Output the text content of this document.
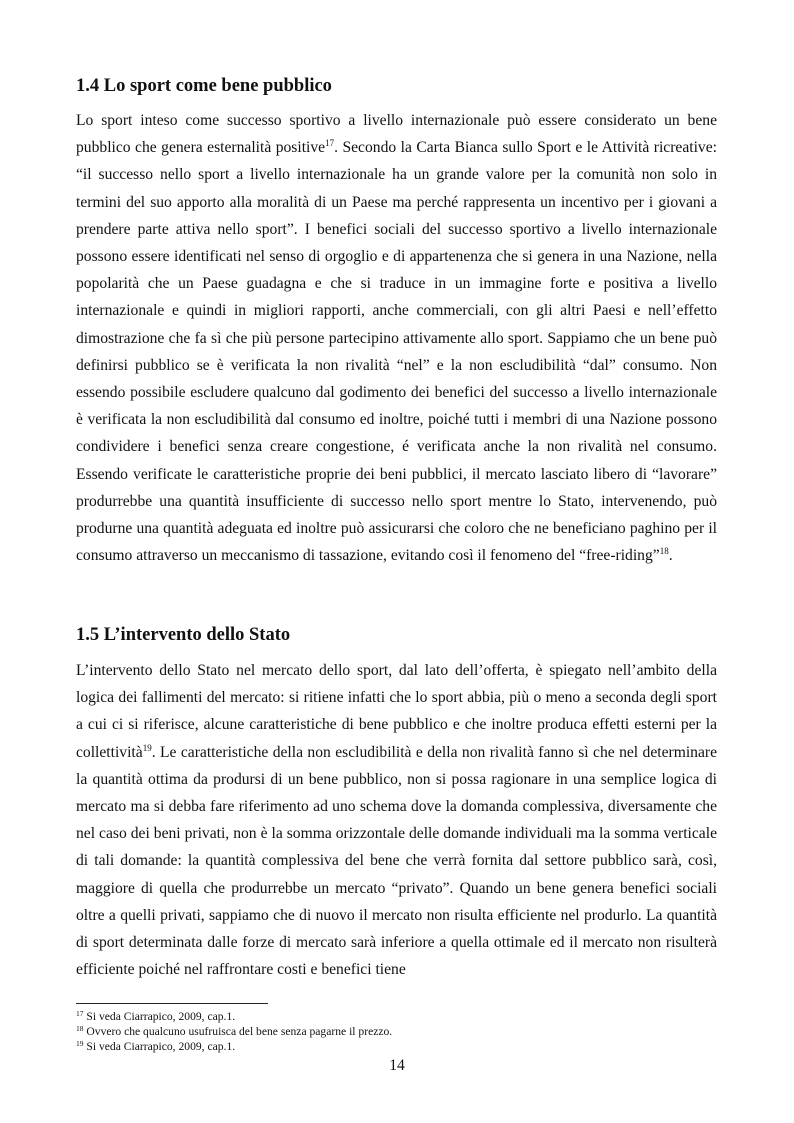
1.4 Lo sport come bene pubblico

Lo sport inteso come successo sportivo a livello internazionale può essere considerato un bene pubblico che genera esternalità positive$^{17}$. Secondo la Carta Bianca sullo Sport e le Attività ricreative: “il successo nello sport a livello internazionale ha un grande valore per la comunità non solo in termini del suo apporto alla moralità di un Paese ma perché rappresenta un incentivo per i giovani a prendere parte attiva nello sport”. I benefici sociali del successo sportivo a livello internazionale possono essere identificati nel senso di orgoglio e di appartenenza che si genera in una Nazione, nella popolarità che un Paese guadagna e che si traduce in un immagine forte e positiva a livello internazionale e quindi in migliori rapporti, anche commerciali, con gli altri Paesi e nell’effetto dimostrazione che fa sì che più persone partecipino attivamente allo sport. Sappiamo che un bene può definirsi pubblico se è verificata la non rivalità “nel” e la non escludibilità “dal” consumo. Non essendo possibile escludere qualcuno dal godimento dei benefici del successo a livello internazionale è verificata la non escludibilità dal consumo ed inoltre, poiché tutti i membri di una Nazione possono condividere i benefici senza creare congestione, é verificata anche la non rivalità nel consumo. Essendo verificate le caratteristiche proprie dei beni pubblici, il mercato lasciato libero di “lavorare” produrrebbe una quantità insufficiente di successo nello sport mentre lo Stato, intervenendo, può produrne una quantità adeguata ed inoltre può assicurarsi che coloro che ne beneficiano paghino per il consumo attraverso un meccanismo di tassazione, evitando così il fenomeno del “free-riding”$^{18}$.

1.5 L’intervento dello Stato

L’intervento dello Stato nel mercato dello sport, dal lato dell’offerta, è spiegato nell’ambito della logica dei fallimenti del mercato: si ritiene infatti che lo sport abbia, più o meno a seconda degli sport a cui ci si riferisce, alcune caratteristiche di bene pubblico e che inoltre produca effetti esterni per la collettività$^{19}$. Le caratteristiche della non escludibilità e della non rivalità fanno sì che nel determinare la quantità ottima da prodursi di un bene pubblico, non si possa ragionare in una semplice logica di mercato ma si debba fare riferimento ad uno schema dove la domanda complessiva, diversamente che nel caso dei beni privati, non è la somma orizzontale delle domande individuali ma la somma verticale di tali domande: la quantità complessiva del bene che verrà fornita dal settore pubblico sarà, così, maggiore di quella che produrrebbe un mercato “privato”. Quando un bene genera benefici sociali oltre a quelli privati, sappiamo che di nuovo il mercato non risulta efficiente nel produrlo. La quantità di sport determinata dalle forze di mercato sarà inferiore a quella ottimale ed il mercato non risulterà efficiente poiché nel raffrontare costi e benefici tiene

$^{17}$ Si veda Ciarrapico, 2009, cap.1.
$^{18}$ Ovvero che qualcuno usufruisca del bene senza pagarne il prezzo.
$^{19}$ Si veda Ciarrapico, 2009, cap.1.
14
